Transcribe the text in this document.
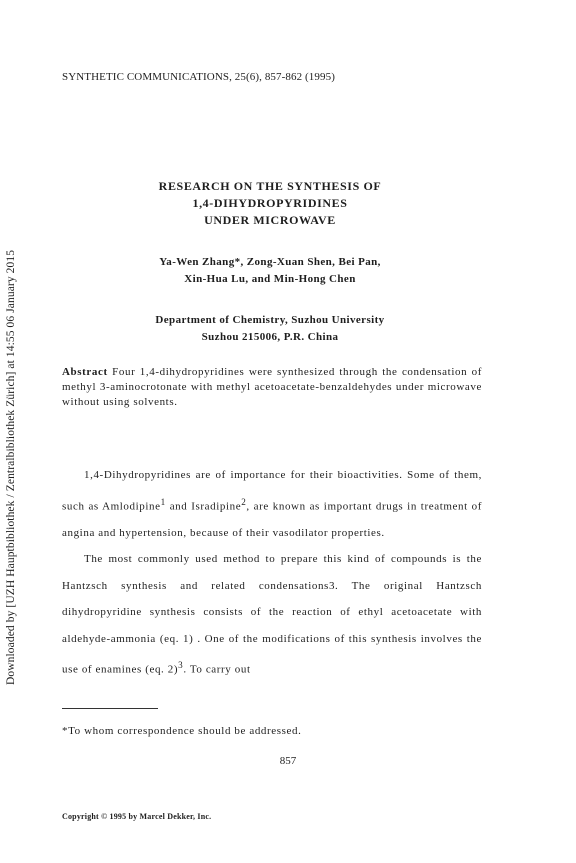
Downloaded by [UZH Hauptbibliothek / Zentralbibliothek Zürich] at 14:55 06 January 2015
SYNTHETIC COMMUNICATIONS, 25(6), 857-862 (1995)
RESEARCH ON THE SYNTHESIS OF
1,4-DIHYDROPYRIDINES
UNDER MICROWAVE
Ya-Wen Zhang*, Zong-Xuan Shen, Bei Pan,
Xin-Hua Lu, and Min-Hong Chen
Department of Chemistry, Suzhou University
Suzhou 215006, P.R. China
Abstract Four 1,4-dihydropyridines were synthesized through the condensation of methyl 3-aminocrotonate with methyl acetoacetate-benzaldehydes under microwave without using solvents.

1,4-Dihydropyridines are of importance for their bioactivities. Some of them, such as Amlodipine$^1$ and Isradipine$^2$, are known as important drugs in treatment of angina and hypertension, because of their vasodilator properties.

The most commonly used method to prepare this kind of compounds is the Hantzsch synthesis and related condensations3. The original Hantzsch dihydropyridine synthesis consists of the reaction of ethyl acetoacetate with aldehyde-ammonia (eq. 1) . One of the modifications of this synthesis involves the use of enamines (eq. 2)$^3$. To carry out

*To whom correspondence should be addressed.
857
Copyright © 1995 by Marcel Dekker, Inc.
